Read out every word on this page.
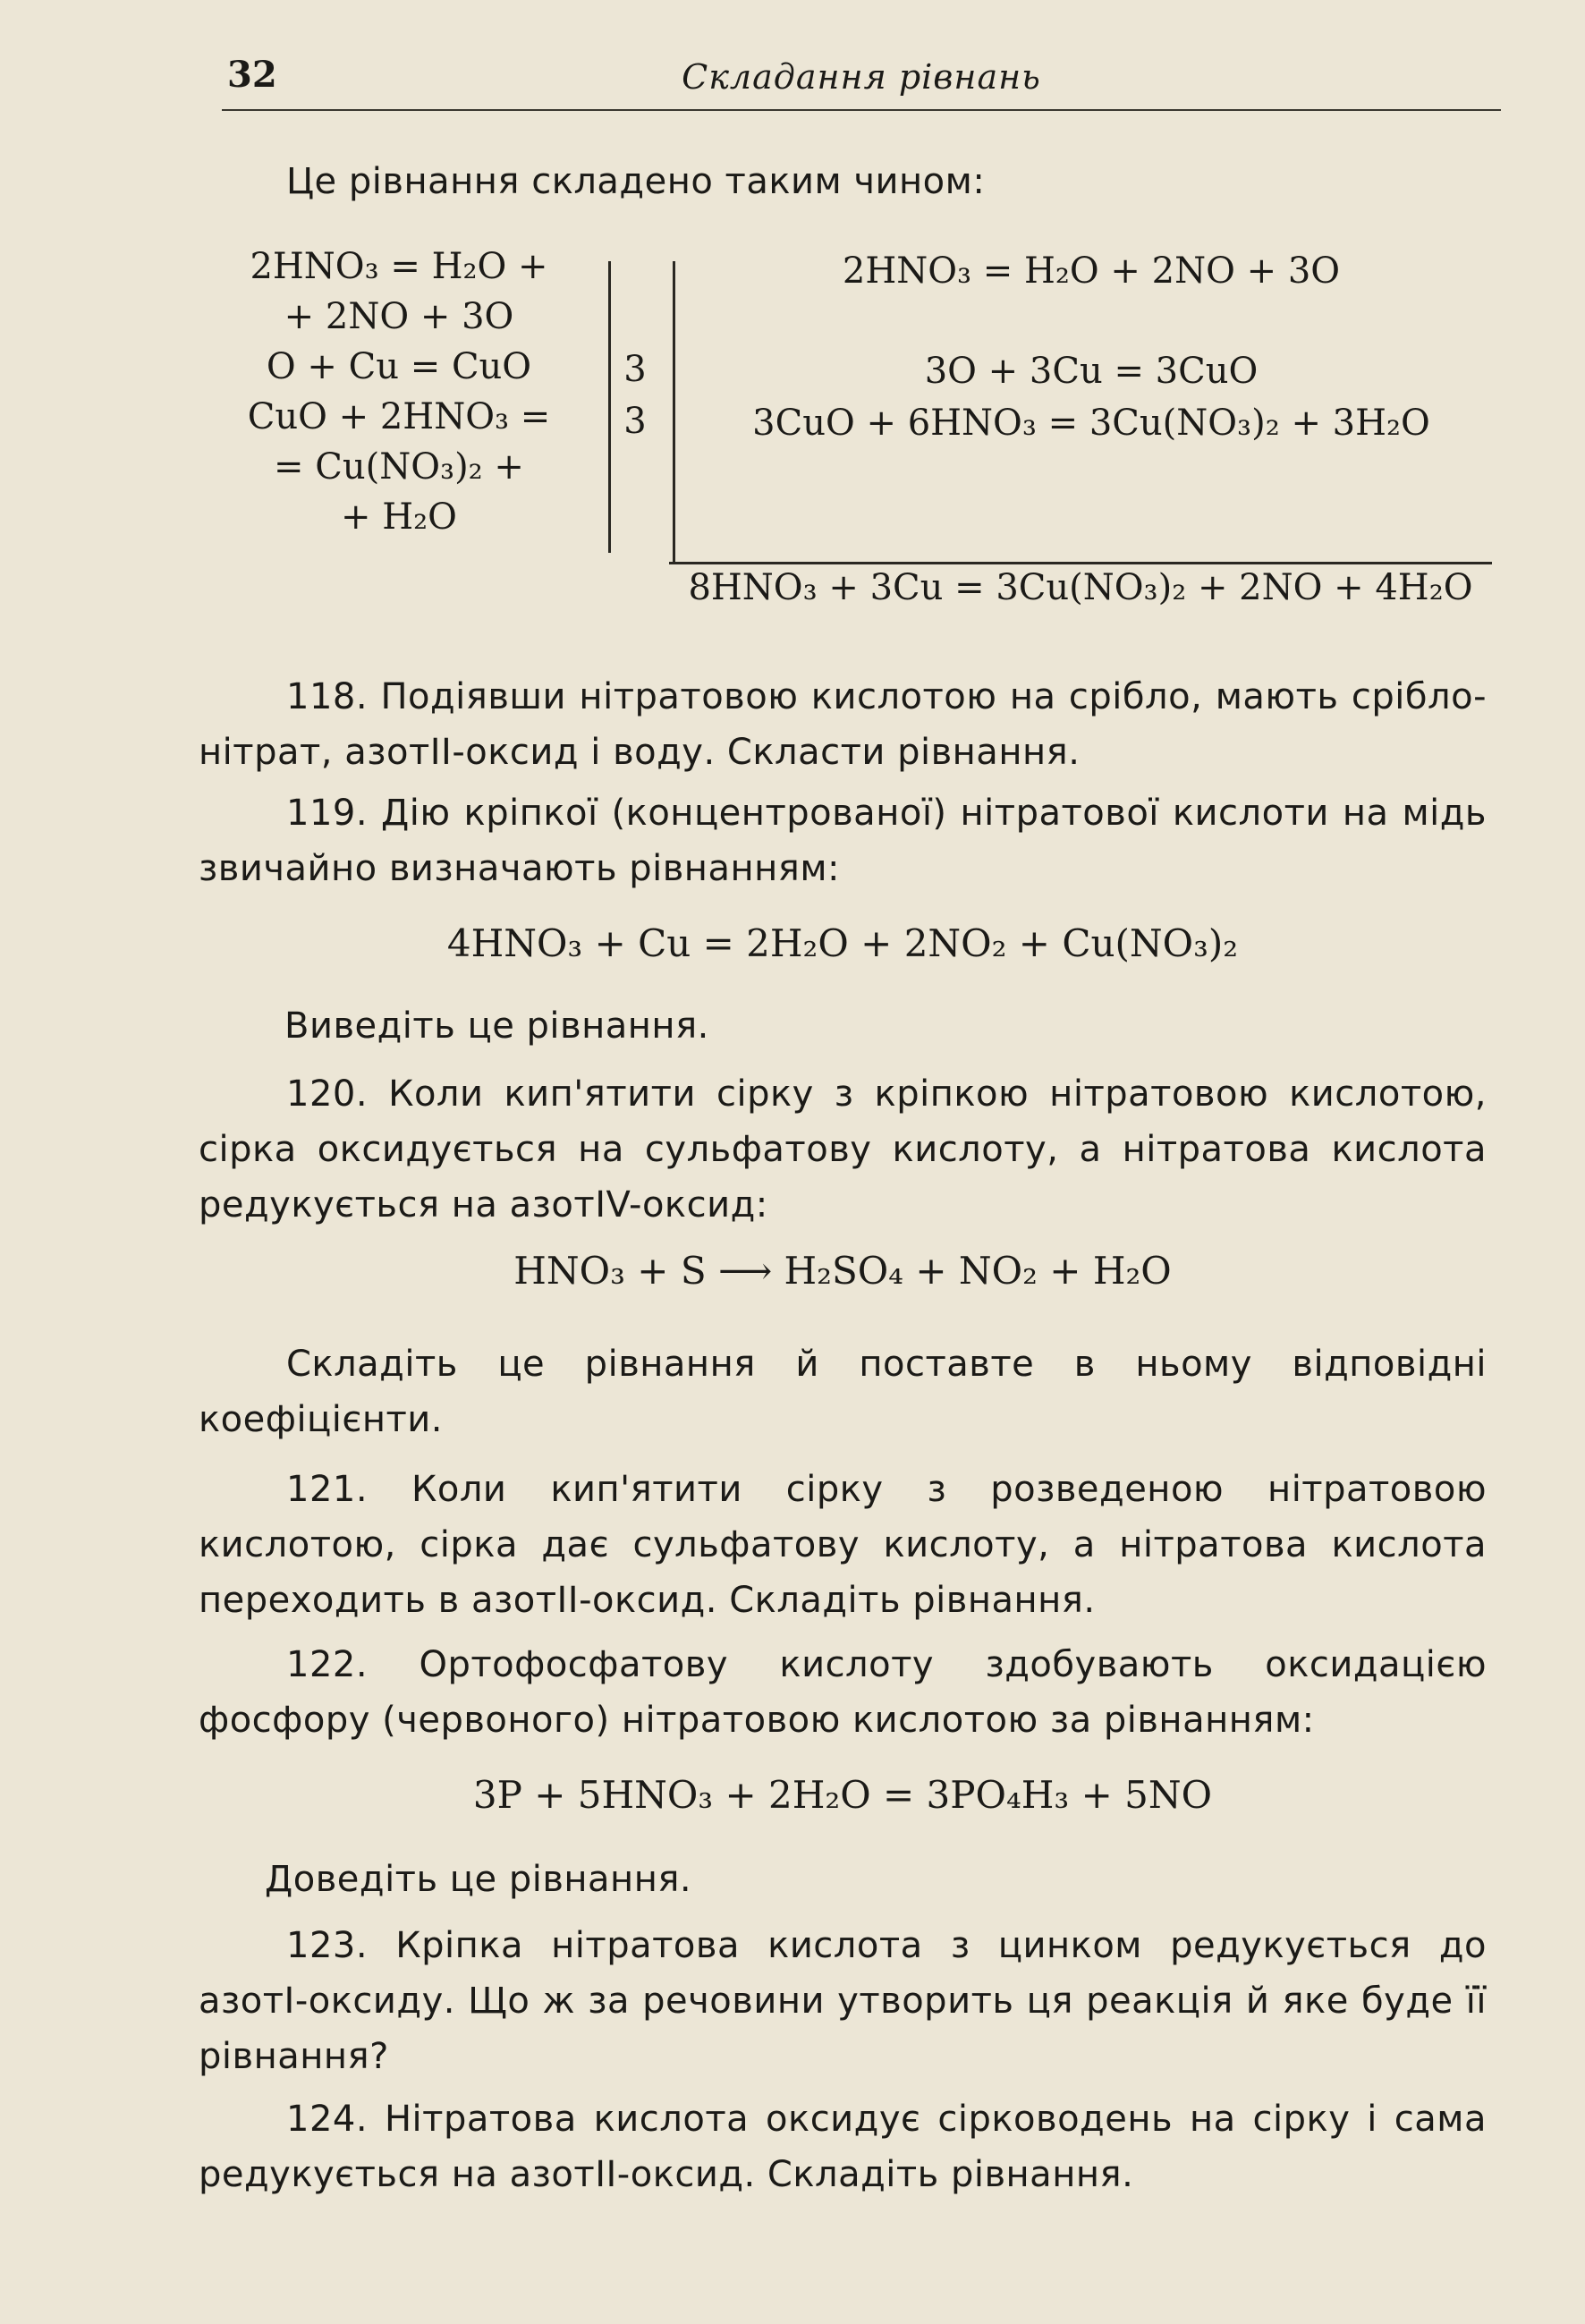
32	Складання рівнань
Це рівнання складено таким чином:
2HNO₃ = H₂O +
+ 2NO + 3O
O + Cu = CuO
CuO + 2HNO₃ =
= Cu(NO₃)₂ +
+ H₂O
3
3
2HNO₃ = H₂O + 2NO + 3O
3O + 3Cu = 3CuO
3CuO + 6HNO₃ = 3Cu(NO₃)₂ + 3H₂O
8HNO₃ + 3Cu = 3Cu(NO₃)₂ + 2NO + 4H₂O
118. Подіявши нітратовою кислотою на срібло, мають срібло-нітрат, азотII-оксид і воду. Скласти рівнання.
119. Дію кріпкої (концентрованої) нітратової кислоти на мідь звичайно визначають рівнанням:
4HNO₃ + Cu = 2H₂O + 2NO₂ + Cu(NO₃)₂
Виведіть це рівнання.
120. Коли кип'ятити сірку з кріпкою нітратовою кислотою, сірка оксидується на сульфатову кислоту, а нітратова кислота редукується на азотIV-оксид:
HNO₃ + S ⟶ H₂SO₄ + NO₂ + H₂O
Складіть це рівнання й поставте в ньому відповідні коефіцієнти.
121. Коли кип'ятити сірку з розведеною нітратовою кислотою, сірка дає сульфатову кислоту, а нітратова кислота переходить в азотII-оксид. Складіть рівнання.
122. Ортофосфатову кислоту здобувають оксидацією фосфору (червоного) нітратовою кислотою за рівнанням:
3P + 5HNO₃ + 2H₂O = 3PO₄H₃ + 5NO
Доведіть це рівнання.
123. Кріпка нітратова кислота з цинком редукується до азотI-оксиду. Що ж за речовини утворить ця реакція й яке буде її рівнання?
124. Нітратова кислота оксидує сірководень на сірку і сама редукується на азотII-оксид. Складіть рівнання.
